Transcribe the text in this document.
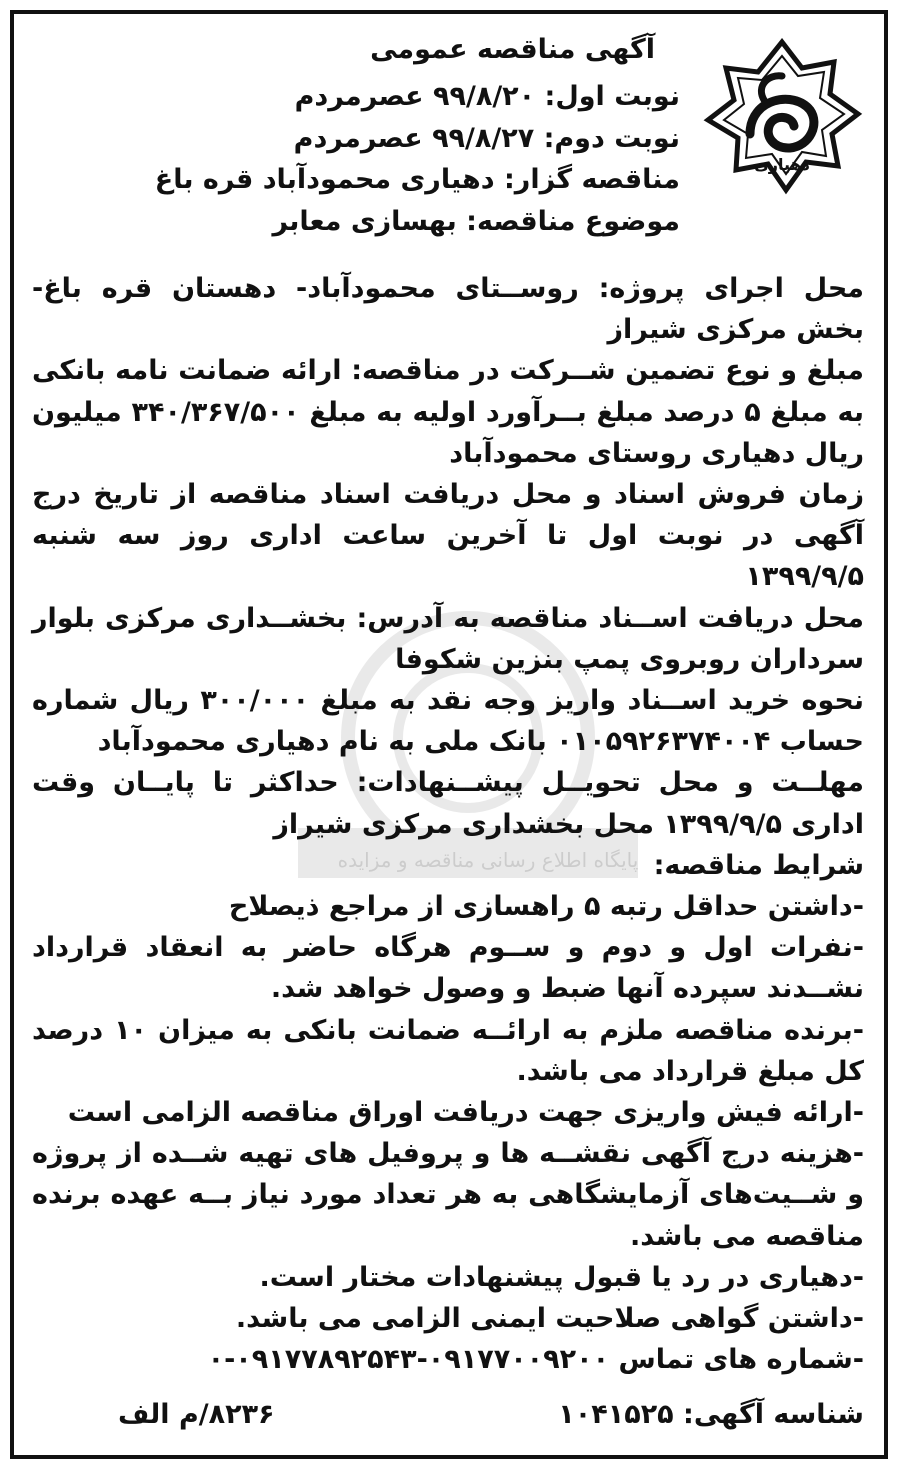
دهیاری
آگهی مناقصه عمومی
نوبت اول: ۹۹/۸/۲۰ عصرمردم
نوبت دوم: ۹۹/۸/۲۷ عصرمردم
مناقصه گزار: دهیاری محمودآباد قره باغ
موضوع مناقصه: بهسازی معابر
پایگاه اطلاع رسانی مناقصه و مزایده

محل اجرای پروژه: روســتای محمودآباد- دهستان قره باغ- بخش مرکزی شیراز

مبلغ و نوع تضمین شــرکت در مناقصه: ارائه ضمانت نامه بانکی به مبلغ ۵ درصد مبلغ بــرآورد اولیه به مبلغ ۳۴۰/۳۶۷/۵۰۰ میلیون ریال دهیاری روستای محمودآباد

زمان فروش اسناد و محل دریافت اسناد مناقصه از تاریخ درج آگهی در نوبت اول تا آخرین ساعت اداری روز سه شنبه ۱۳۹۹/۹/۵

محل دریافت اســناد مناقصه به آدرس: بخشــداری مرکزی بلوار سرداران روبروی پمپ بنزین شکوفا

نحوه خرید اســناد واریز وجه نقد به مبلغ ۳۰۰/۰۰۰ ریال شماره حساب ۰۱۰۵۹۲۶۳۷۴۰۰۴ بانک ملی به نام دهیاری محمودآباد

مهلــت و محل تحویــل پیشــنهادات: حداکثر تا پایــان وقت اداری ۱۳۹۹/۹/۵ محل بخشداری مرکزی شیراز

شرایط مناقصه:

-داشتن حداقل رتبه ۵ راهسازی از مراجع ذیصلاح

-نفرات اول و دوم و ســوم هرگاه حاضر به انعقاد قرارداد نشــدند سپرده آنها ضبط و وصول خواهد شد.

-برنده مناقصه ملزم به ارائــه ضمانت بانکی به میزان ۱۰ درصد کل مبلغ قرارداد می باشد.

-ارائه فیش واریزی جهت دریافت اوراق مناقصه الزامی است

-هزینه درج آگهی نقشــه ها و پروفیل های تهیه شــده از پروژه و شــیت‌های آزمایشگاهی به هر تعداد مورد نیاز بــه عهده برنده مناقصه می باشد.

-دهیاری در رد یا قبول پیشنهادات مختار است.

-داشتن گواهی صلاحیت ایمنی الزامی می باشد.

-شماره های تماس ۰۹۱۷۷۰۰۹۲۰۰-۰۹۱۷۷۸۹۲۵۴۳-۰

شناسه آگهی: ۱۰۴۱۵۲۵
۸۲۳۶/م الف
